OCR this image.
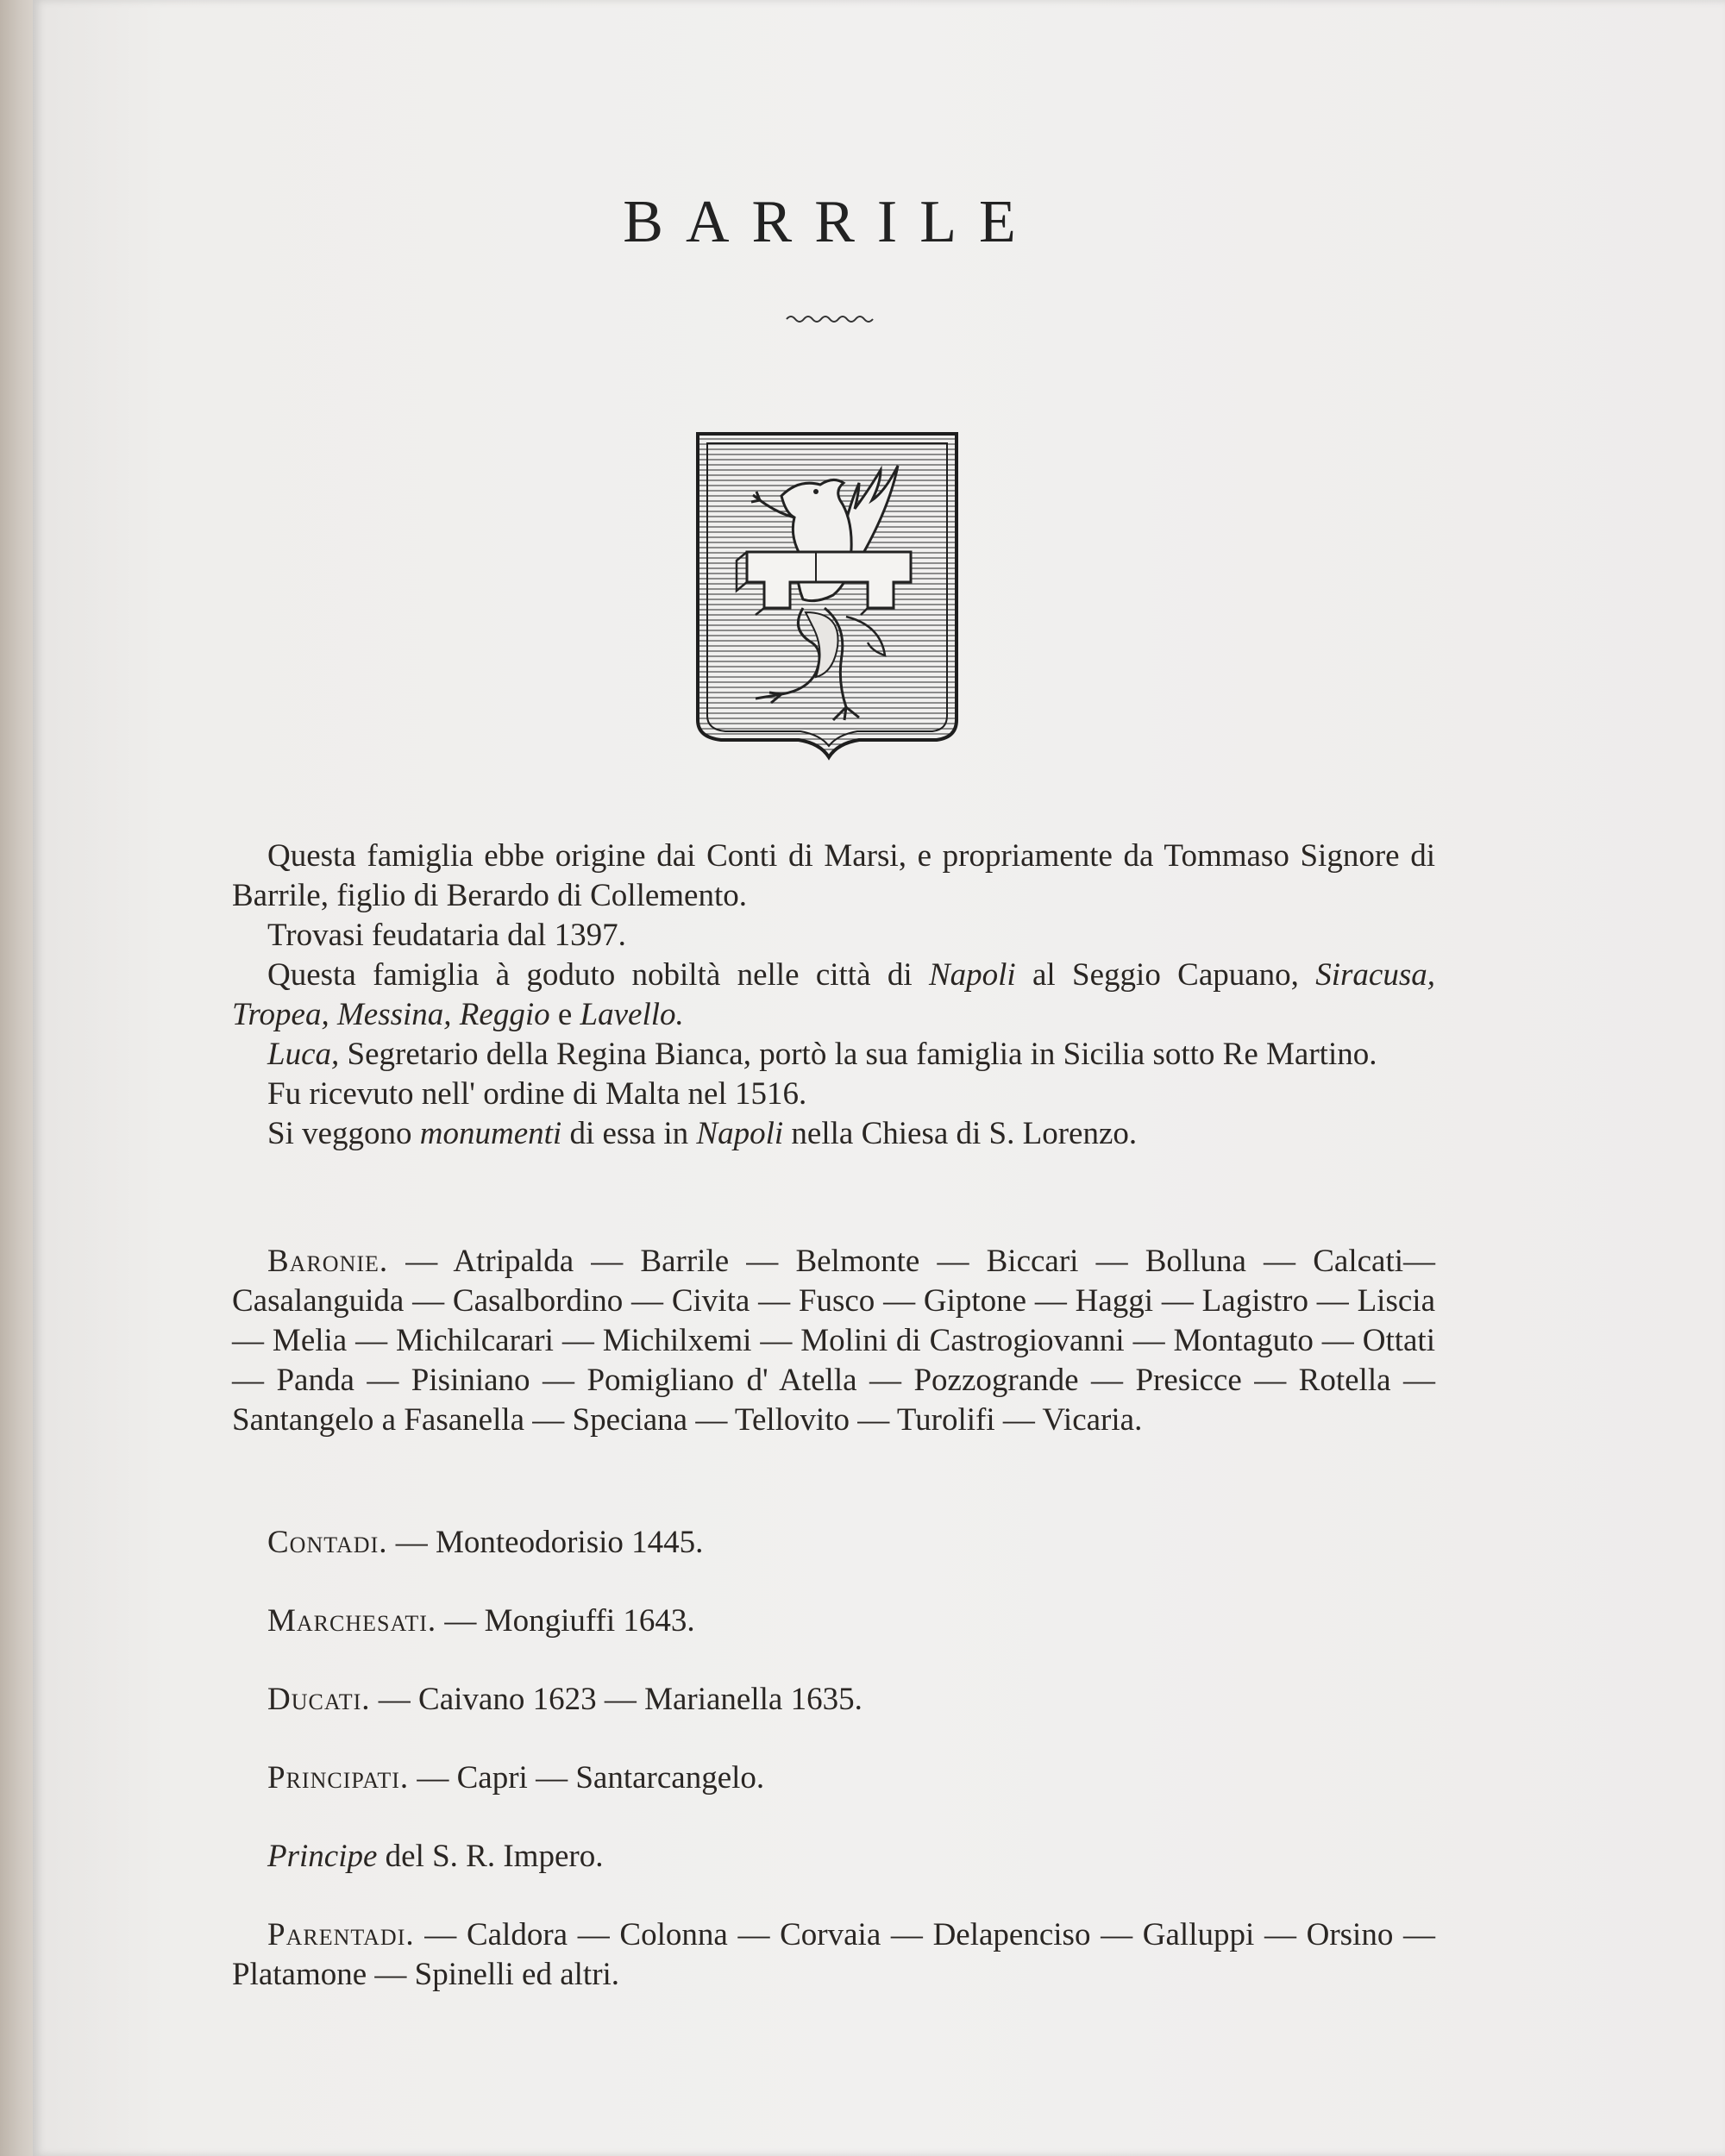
BARRILE

Questa famiglia ebbe origine dai Conti di Marsi, e propriamente da Tommaso Signore di Barrile, figlio di Berardo di Collemento.

Trovasi feudataria dal 1397.

Questa famiglia à goduto nobiltà nelle città di Napoli al Seggio Capuano, Siracusa, Tropea, Messina, Reggio e Lavello.

Luca, Segretario della Regina Bianca, portò la sua famiglia in Sicilia sotto Re Martino.

Fu ricevuto nell' ordine di Malta nel 1516.

Si veggono monumenti di essa in Napoli nella Chiesa di S. Lorenzo.

Baronie. — Atripalda — Barrile — Belmonte — Biccari — Bolluna — Calcati— Casalanguida — Casalbordino — Civita — Fusco — Giptone — Haggi — Lagistro — Liscia — Melia — Michilcarari — Michilxemi — Molini di Castrogiovanni — Montaguto — Ottati — Panda — Pisiniano — Pomigliano d' Atella — Pozzogrande — Presicce — Rotella — Santangelo a Fasanella — Speciana — Tellovito — Turolifi — Vicaria.

Contadi. — Monteodorisio 1445.

Marchesati. — Mongiuffi 1643.

Ducati. — Caivano 1623 — Marianella 1635.

Principati. — Capri — Santarcangelo.

Principe del S. R. Impero.

Parentadi. — Caldora — Colonna — Corvaia — Delapenciso — Galluppi — Orsino — Platamone — Spinelli ed altri.
